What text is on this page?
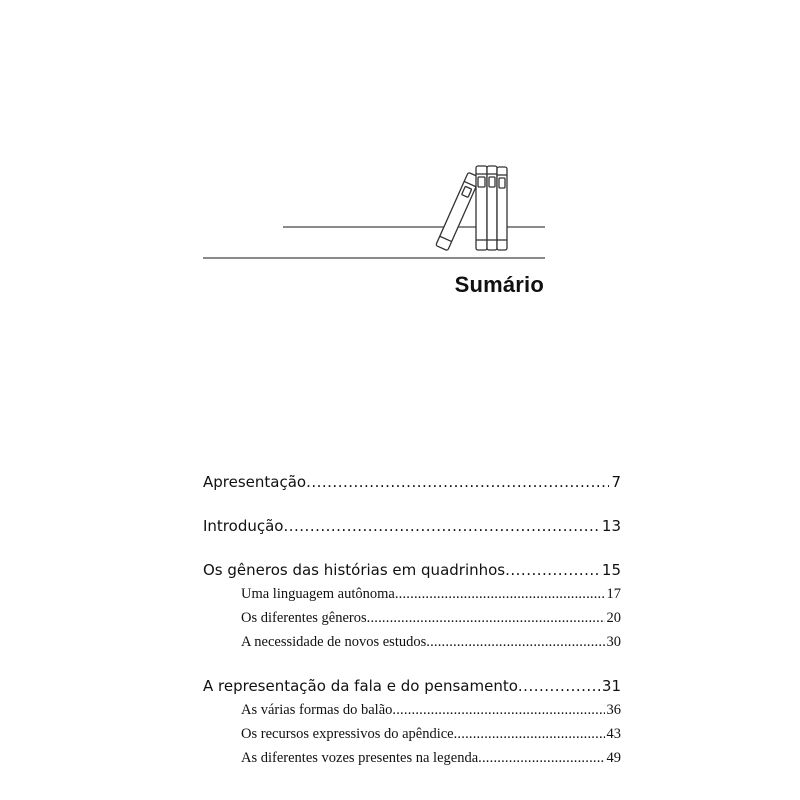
Sumário
Apresentação .....	7
Introdução .....	13
Os gêneros das histórias em quadrinhos .....	15
Uma linguagem autônoma .....	17
Os diferentes gêneros .....	20
A necessidade de novos estudos .....	30
A representação da fala e do pensamento .....	31
As várias formas do balão .....	36
Os recursos expressivos do apêndice .....	43
As diferentes vozes presentes na legenda .....	49
